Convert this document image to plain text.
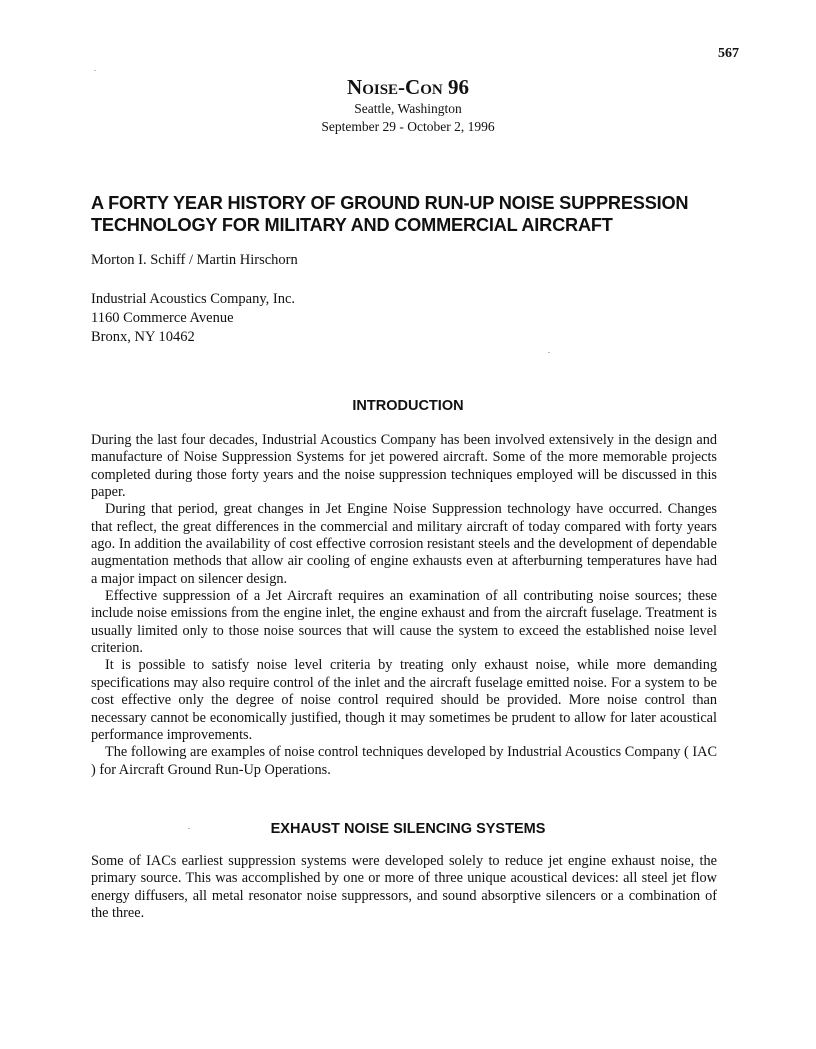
567
Noise-Con 96
Seattle, Washington
September 29 - October 2, 1996
A FORTY YEAR HISTORY OF GROUND RUN-UP NOISE SUPPRESSION
TECHNOLOGY FOR MILITARY AND COMMERCIAL AIRCRAFT
Morton I. Schiff / Martin Hirschorn
Industrial Acoustics Company, Inc.
1160 Commerce Avenue
Bronx, NY 10462
INTRODUCTION

During the last four decades, Industrial Acoustics Company has been involved extensively in the design and manufacture of Noise Suppression Systems for jet powered aircraft. Some of the more memorable projects completed during those forty years and the noise suppression techniques employed will be discussed in this paper.

During that period, great changes in Jet Engine Noise Suppression technology have occurred. Changes that reflect, the great differences in the commercial and military aircraft of today compared with forty years ago. In addition the availability of cost effective corrosion resistant steels and the development of dependable augmentation methods that allow air cooling of engine exhausts even at afterburning temperatures have had a major impact on silencer design.

Effective suppression of a Jet Aircraft requires an examination of all contributing noise sources; these include noise emissions from the engine inlet, the engine exhaust and from the aircraft fuselage. Treatment is usually limited only to those noise sources that will cause the system to exceed the established noise level criterion.

It is possible to satisfy noise level criteria by treating only exhaust noise, while more demanding specifications may also require control of the inlet and the aircraft fuselage emitted noise. For a system to be cost effective only the degree of noise control required should be provided. More noise control than necessary cannot be economically justified, though it may sometimes be prudent to allow for later acoustical performance improvements.

The following are examples of noise control techniques developed by Industrial Acoustics Company ( IAC ) for Aircraft Ground Run-Up Operations.

EXHAUST NOISE SILENCING SYSTEMS

Some of IACs earliest suppression systems were developed solely to reduce jet engine exhaust noise, the primary source. This was accomplished by one or more of three unique acoustical devices: all steel jet flow energy diffusers, all metal resonator noise suppressors, and sound absorptive silencers or a combination of the three.
